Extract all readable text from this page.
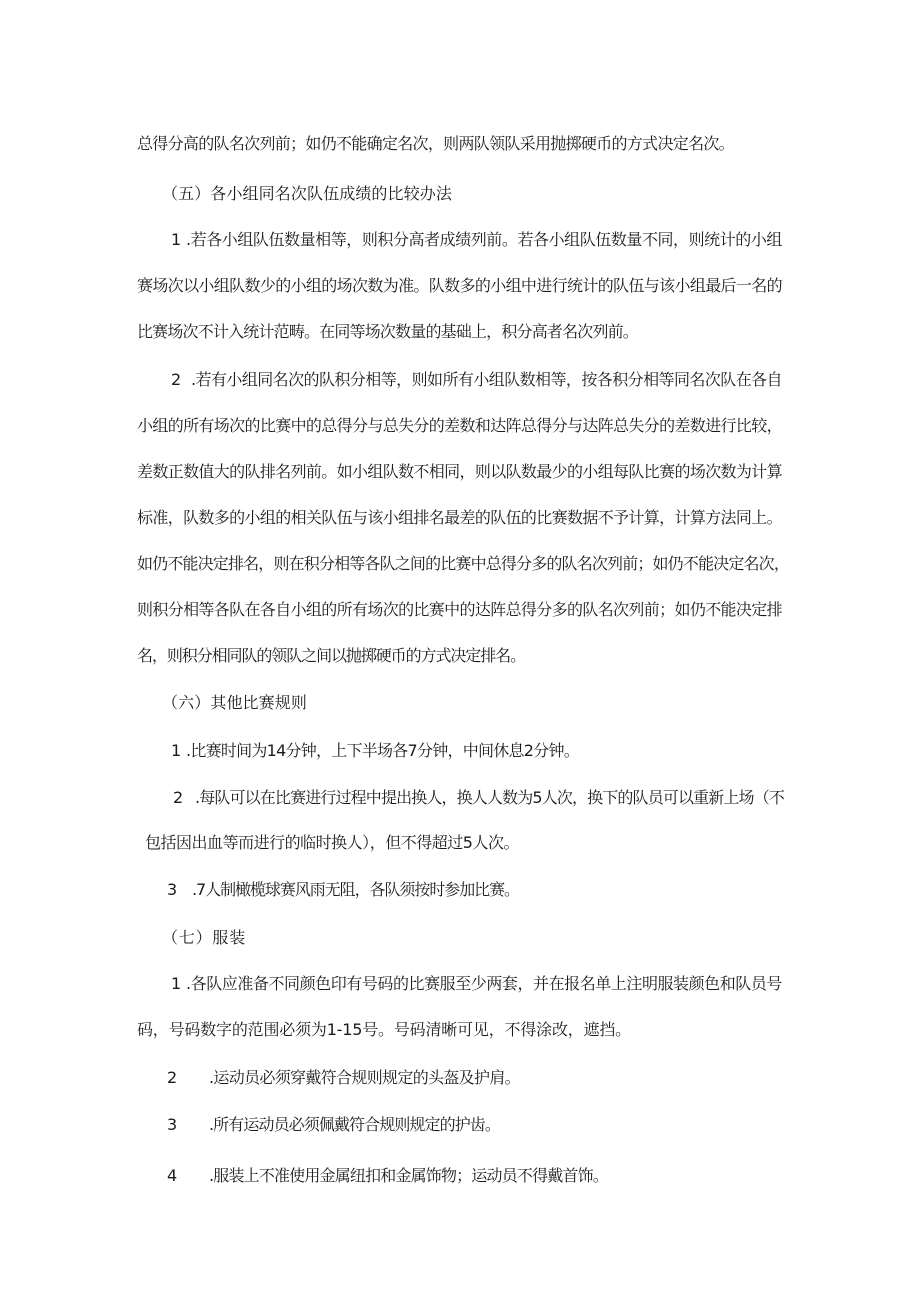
总得分高的队名次列前；如仍不能确定名次，则两队领队采用抛掷硬币的方式决定名次。
（五）各小组同名次队伍成绩的比较办法
1 .若各小组队伍数量相等，则积分高者成绩列前。若各小组队伍数量不同，则统计的小组
赛场次以小组队数少的小组的场次数为准。队数多的小组中进行统计的队伍与该小组最后一名的
比赛场次不计入统计范畴。在同等场次数量的基础上，积分高者名次列前。
2 .若有小组同名次的队积分相等，则如所有小组队数相等，按各积分相等同名次队在各自
小组的所有场次的比赛中的总得分与总失分的差数和达阵总得分与达阵总失分的差数进行比较，
差数正数值大的队排名列前。如小组队数不相同，则以队数最少的小组每队比赛的场次数为计算
标准，队数多的小组的相关队伍与该小组排名最差的队伍的比赛数据不予计算，计算方法同上。
如仍不能决定排名，则在积分相等各队之间的比赛中总得分多的队名次列前；如仍不能决定名次，
则积分相等各队在各自小组的所有场次的比赛中的达阵总得分多的队名次列前；如仍不能决定排
名，则积分相同队的领队之间以抛掷硬币的方式决定排名。
（六）其他比赛规则
1 .比赛时间为14分钟，上下半场各7分钟，中间休息2分钟。
2 .每队可以在比赛进行过程中提出换人，换人人数为5人次，换下的队员可以重新上场（不
包括因出血等而进行的临时换人），但不得超过5人次。
3 .7人制橄榄球赛风雨无阻，各队须按时参加比赛。
（七）服装
1 .各队应准备不同颜色印有号码的比赛服至少两套，并在报名单上注明服装颜色和队员号
码，号码数字的范围必须为1-15号。号码清晰可见，不得涂改，遮挡。
2 .运动员必须穿戴符合规则规定的头盔及护肩。
3 .所有运动员必须佩戴符合规则规定的护齿。
4 .服装上不准使用金属纽扣和金属饰物；运动员不得戴首饰。
